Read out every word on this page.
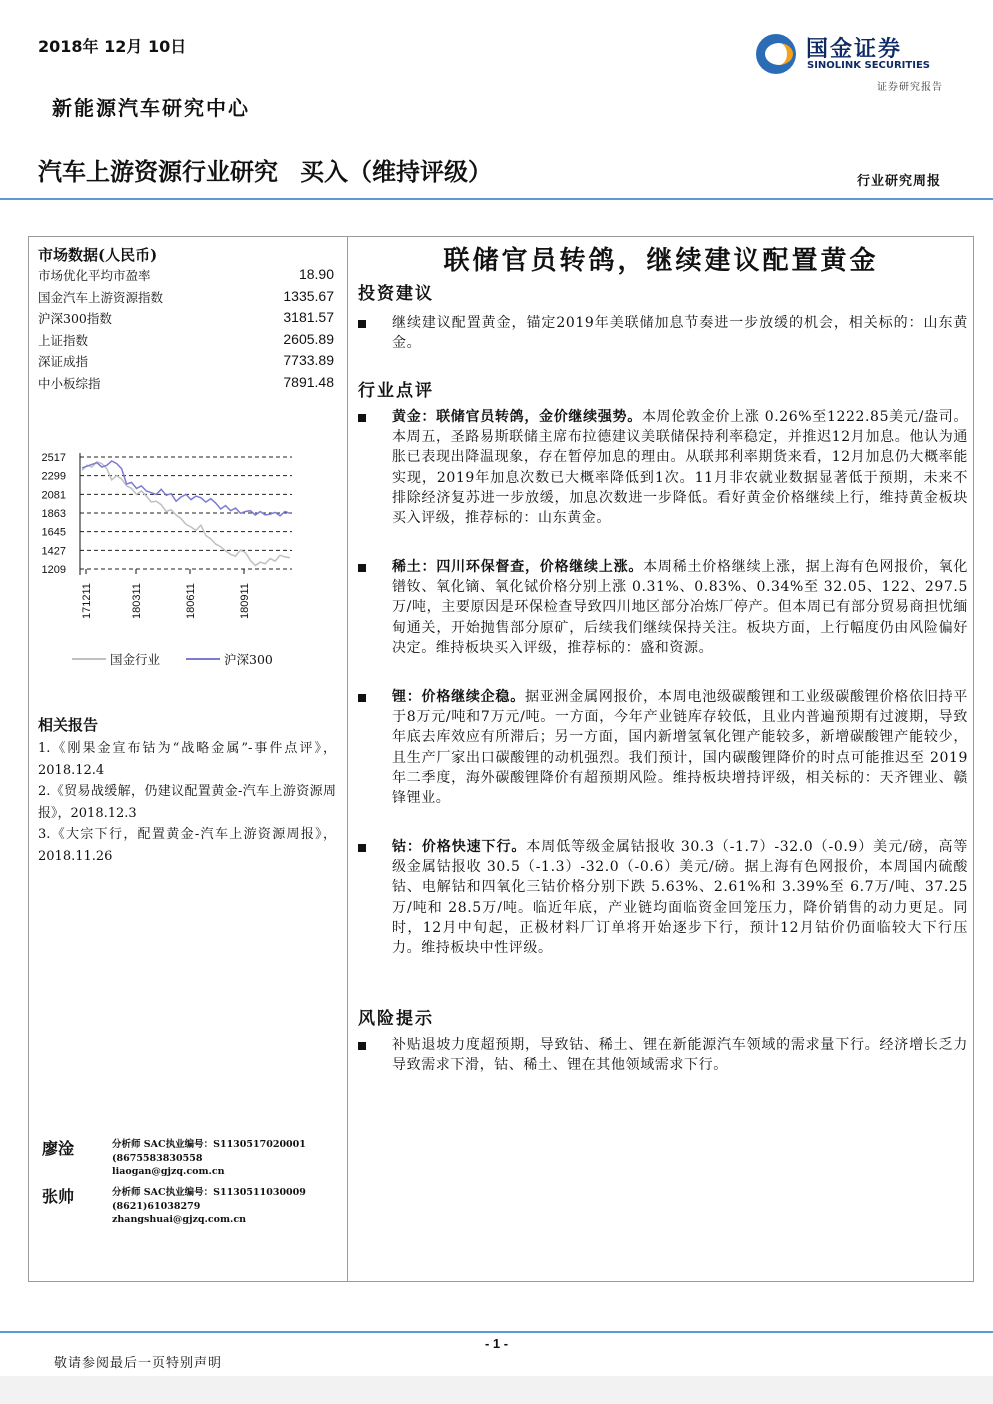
2018年 12月 10日
新能源汽车研究中心
汽车上游资源行业研究 买入（维持评级）	行业研究周报
国金证券
SINOLINK SECURITIES
证券研究报告
市场数据(人民币)
市场优化平均市盈率	18.90
国金汽车上游资源指数	1335.67
沪深300指数	3181.57
上证指数	2605.89
深证成指	7733.89
中小板综指	7891.48
2517
2299
2081
1863
1645
1427
1209
171211	180311	180611	180911
国金行业	沪深300
相关报告
1.《刚果金宣布钴为“战略金属”-事件点评》，2018.12.4
2.《贸易战缓解，仍建议配置黄金-汽车上游资源周报》，2018.12.3
3.《大宗下行，配置黄金-汽车上游资源周报》，2018.11.26
廖淦	分析师 SAC执业编号：S1130517020001
(8675583830558
liaogan@gjzq.com.cn
张帅	分析师 SAC执业编号：S1130511030009
(8621)61038279
zhangshuai@gjzq.com.cn
联储官员转鸽，继续建议配置黄金
投资建议
继续建议配置黄金，锚定2019年美联储加息节奏进一步放缓的机会，相关标的：山东黄金。
行业点评
黄金：联储官员转鸽，金价继续强势。本周伦敦金价上涨 0.26%至1222.85美元/盎司。本周五，圣路易斯联储主席布拉德建议美联储保持利率稳定，并推迟12月加息。他认为通胀已表现出降温现象，存在暂停加息的理由。从联邦利率期货来看，12月加息仍大概率能实现，2019年加息次数已大概率降低到1次。11月非农就业数据显著低于预期，未来不排除经济复苏进一步放缓，加息次数进一步降低。看好黄金价格继续上行，维持黄金板块买入评级，推荐标的：山东黄金。
稀土：四川环保督查，价格继续上涨。本周稀土价格继续上涨，据上海有色网报价，氧化镨钕、氧化镝、氧化铽价格分别上涨 0.31%、0.83%、0.34%至 32.05、122、297.5万/吨，主要原因是环保检查导致四川地区部分冶炼厂停产。但本周已有部分贸易商担忧缅甸通关，开始抛售部分原矿，后续我们继续保持关注。板块方面，上行幅度仍由风险偏好决定。维持板块买入评级，推荐标的：盛和资源。
锂：价格继续企稳。据亚洲金属网报价，本周电池级碳酸锂和工业级碳酸锂价格依旧持平于8万元/吨和7万元/吨。一方面，今年产业链库存较低，且业内普遍预期有过渡期，导致年底去库效应有所滞后；另一方面，国内新增氢氧化锂产能较多，新增碳酸锂产能较少，且生产厂家出口碳酸锂的动机强烈。我们预计，国内碳酸锂降价的时点可能推迟至 2019年二季度，海外碳酸锂降价有超预期风险。维持板块增持评级，相关标的：天齐锂业、赣锋锂业。
钴：价格快速下行。本周低等级金属钴报收 30.3（-1.7）-32.0（-0.9）美元/磅，高等级金属钴报收 30.5（-1.3）-32.0（-0.6）美元/磅。据上海有色网报价，本周国内硫酸钴、电解钴和四氧化三钴价格分别下跌 5.63%、2.61%和 3.39%至 6.7万/吨、37.25万/吨和 28.5万/吨。临近年底，产业链均面临资金回笼压力，降价销售的动力更足。同时，12月中旬起，正极材料厂订单将开始逐步下行，预计12月钴价仍面临较大下行压力。维持板块中性评级。
风险提示
补贴退坡力度超预期，导致钴、稀土、锂在新能源汽车领域的需求量下行。经济增长乏力导致需求下滑，钴、稀土、锂在其他领域需求下行。
- 1 -
敬请参阅最后一页特别声明
